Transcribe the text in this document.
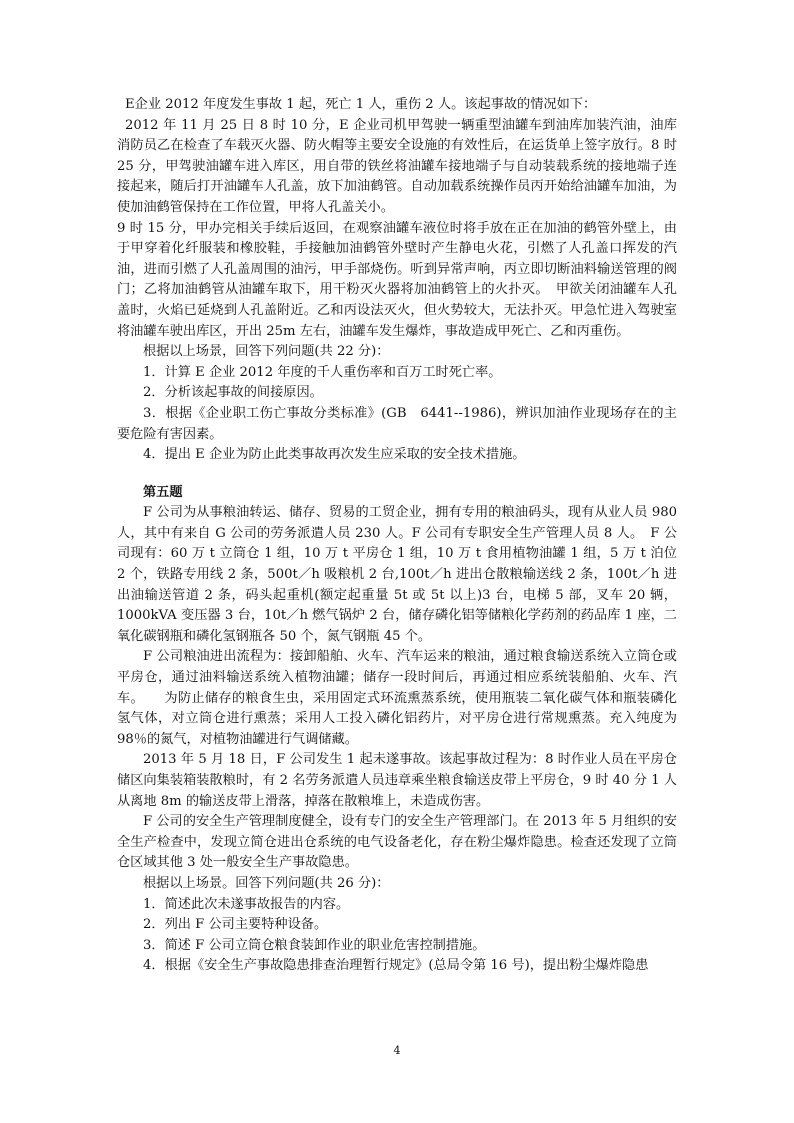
E企业 2012 年度发生事故 1 起，死亡 1 人，重伤 2 人。该起事故的情况如下：

2012 年 11 月 25 日 8 时 10 分，E 企业司机甲驾驶一辆重型油罐车到油库加装汽油，油库消防员乙在检查了车载灭火器、防火帽等主要安全设施的有效性后，在运货单上签字放行。8 时 25 分，甲驾驶油罐车进入库区，用自带的铁丝将油罐车接地端子与自动装载系统的接地端子连接起来，随后打开油罐车人孔盖，放下加油鹤管。自动加载系统操作员丙开始给油罐车加油，为使加油鹤管保持在工作位置，甲将人孔盖关小。

9 时 15 分，甲办完相关手续后返回，在观察油罐车液位时将手放在正在加油的鹤管外壁上，由于甲穿着化纤服装和橡胶鞋，手接触加油鹤管外壁时产生静电火花，引燃了人孔盖口挥发的汽油，进而引燃了人孔盖周围的油污，甲手部烧伤。听到异常声响，丙立即切断油料输送管理的阀门；乙将加油鹤管从油罐车取下，用干粉灭火器将加油鹤管上的火扑灭。　甲欲关闭油罐车人孔盖时，火焰已延烧到人孔盖附近。乙和丙设法灭火，但火势较大，无法扑灭。甲急忙进入驾驶室将油罐车驶出库区，开出 25m 左右，油罐车发生爆炸，事故造成甲死亡、乙和丙重伤。

根据以上场景，回答下列问题(共 22 分)：

1．计算 E 企业 2012 年度的千人重伤率和百万工时死亡率。

2．分析该起事故的间接原因。

3．根据《企业职工伤亡事故分类标准》(GB　6441--1986)，辨识加油作业现场存在的主要危险有害因素。

4．提出 E 企业为防止此类事故再次发生应采取的安全技术措施。

第五题

F 公司为从事粮油转运、储存、贸易的工贸企业，拥有专用的粮油码头，现有从业人员 980 人，其中有来自 G 公司的劳务派遣人员 230 人。F 公司有专职安全生产管理人员 8 人。　F 公司现有：60 万 t 立筒仓 1 组，10 万 t 平房仓 1 组，10 万 t 食用植物油罐 1 组，5 万 t 泊位 2 个，铁路专用线 2 条，500t／h 吸粮机 2 台,100t／h 进出仓散粮输送线 2 条，100t／h 进出油输送管道 2 条，码头起重机(额定起重量 5t 或 5t 以上)3 台，电梯 5 部，叉车 20 辆，1000kVA 变压器 3 台，10t／h 燃气锅炉 2 台，储存磷化铝等储粮化学药剂的药品库 1 座，二氧化碳钢瓶和磷化氢钢瓶各 50 个，氮气钢瓶 45 个。

F 公司粮油进出流程为：接卸船舶、火车、汽车运来的粮油，通过粮食输送系统入立筒仓或平房仓，通过油料输送系统入植物油罐；储存一段时间后，再通过相应系统装船舶、火车、汽车。　　为防止储存的粮食生虫，采用固定式环流熏蒸系统，使用瓶装二氧化碳气体和瓶装磷化氢气体，对立筒仓进行熏蒸；采用人工投入磷化铝药片，对平房仓进行常规熏蒸。充入纯度为 98％的氮气，对植物油罐进行气调储藏。

2013 年 5 月 18 日，F 公司发生 1 起未遂事故。该起事故过程为：8 时作业人员在平房仓储区向集装箱装散粮时，有 2 名劳务派遣人员违章乘坐粮食输送皮带上平房仓，9 时 40 分 1 人从离地 8m 的输送皮带上滑落，掉落在散粮堆上，未造成伤害。

F 公司的安全生产管理制度健全，设有专门的安全生产管理部门。在 2013 年 5 月组织的安全生产检查中，发现立简仓进出仓系统的电气设备老化，存在粉尘爆炸隐患。检查还发现了立筒仓区域其他 3 处一般安全生产事故隐患。

根据以上场景。回答下列问题(共 26 分)：

1．简述此次未遂事故报告的内容。

2．列出 F 公司主要特种设备。

3．简述 F 公司立筒仓粮食装卸作业的职业危害控制措施。

4．根据《安全生产事故隐患排查治理暂行规定》(总局令第 16 号)，提出粉尘爆炸隐患

4
